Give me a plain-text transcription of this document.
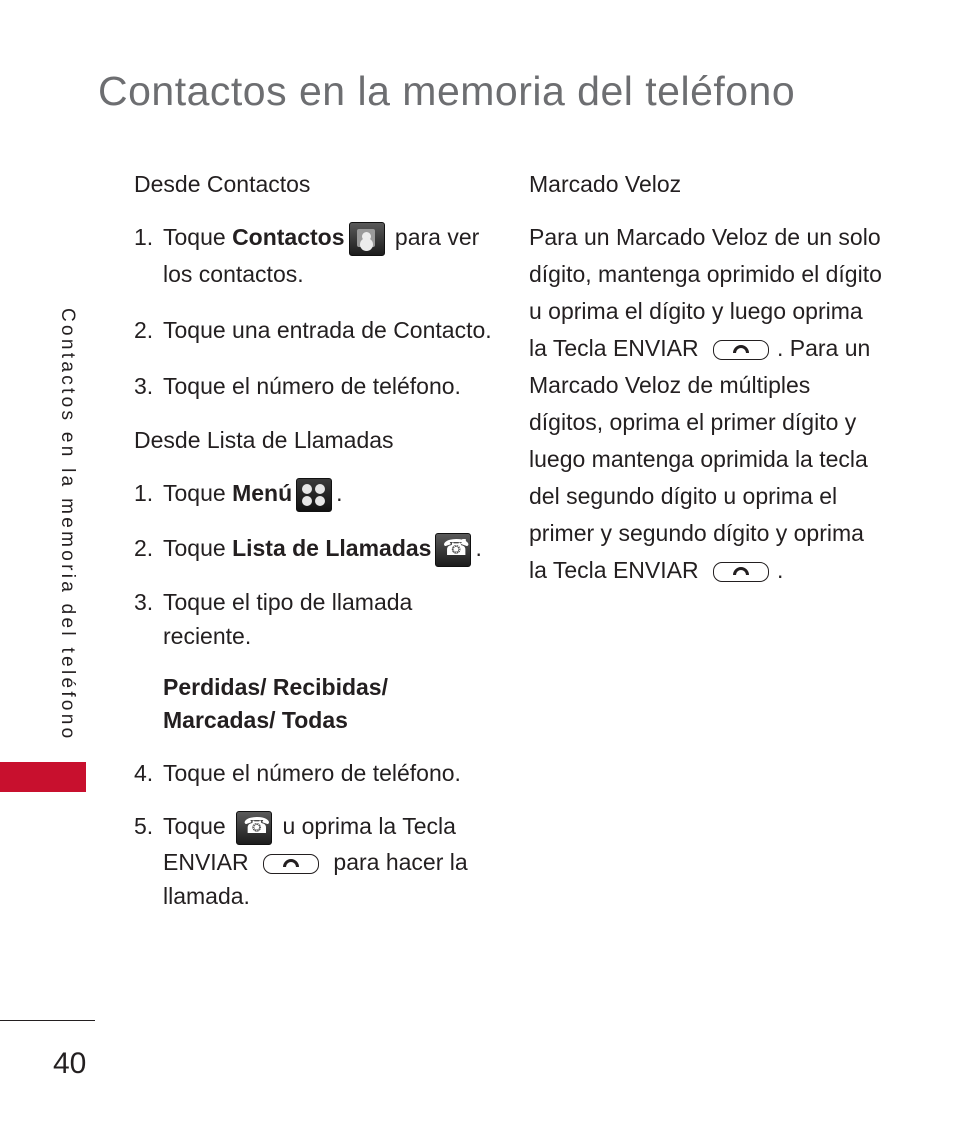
Contactos en la memoria del teléfono
Contactos en la memoria del teléfono
Desde Contactos
1. Toque Contactos para ver los contactos.
2. Toque una entrada de Contacto.
3. Toque el número de teléfono.
Desde Lista de Llamadas
1. Toque Menú .
2. Toque Lista de Llamadas☎ ↗ .
3. Toque el tipo de llamada reciente.
Perdidas/ Recibidas/ Marcadas/ Todas
4. Toque el número de teléfono.
5. Toque ☎ u oprima la Tecla ENVIAR	para hacer la llamada.
Marcado Veloz

Para un Marcado Veloz de un solo dígito, mantenga oprimido el dígito u oprima el dígito y luego oprima la Tecla ENVIAR	. Para un Marcado Veloz de múltiples dígitos, oprima el primer dígito y luego mantenga oprimida la tecla del segundo dígito u oprima el primer y segundo dígito y oprima la Tecla ENVIAR	.

40
